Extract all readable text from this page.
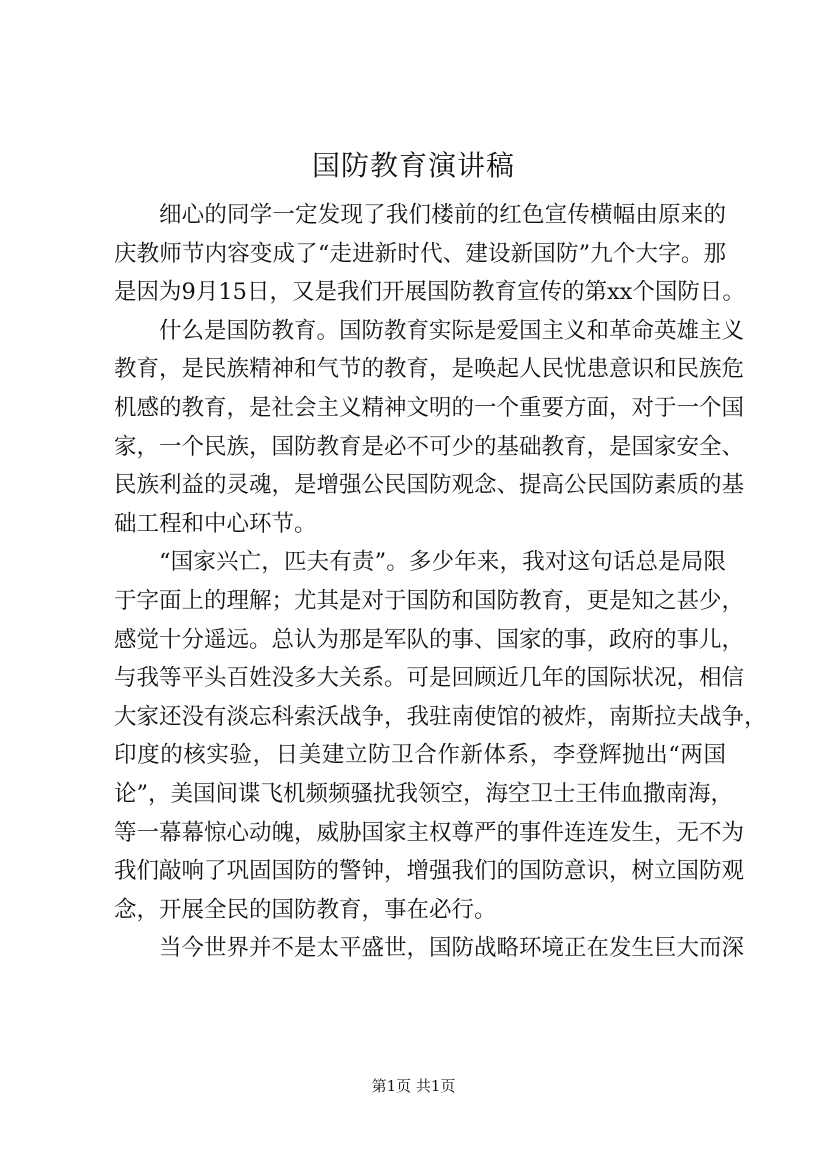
国防教育演讲稿
细心的同学一定发现了我们楼前的红色宣传横幅由原来的
庆教师节内容变成了“走进新时代、建设新国防”九个大字。那
是因为9月15日，又是我们开展国防教育宣传的第xx个国防日。
什么是国防教育。国防教育实际是爱国主义和革命英雄主义
教育，是民族精神和气节的教育，是唤起人民忧患意识和民族危
机感的教育，是社会主义精神文明的一个重要方面，对于一个国
家，一个民族，国防教育是必不可少的基础教育，是国家安全、
民族利益的灵魂，是增强公民国防观念、提高公民国防素质的基
础工程和中心环节。
“国家兴亡，匹夫有责”。多少年来，我对这句话总是局限
于字面上的理解；尤其是对于国防和国防教育，更是知之甚少，
感觉十分遥远。总认为那是军队的事、国家的事，政府的事儿，
与我等平头百姓没多大关系。可是回顾近几年的国际状况，相信
大家还没有淡忘科索沃战争，我驻南使馆的被炸，南斯拉夫战争，
印度的核实验，日美建立防卫合作新体系，李登辉抛出“两国
论”，美国间谍飞机频频骚扰我领空，海空卫士王伟血撒南海，
等一幕幕惊心动魄，威胁国家主权尊严的事件连连发生，无不为
我们敲响了巩固国防的警钟，增强我们的国防意识，树立国防观
念，开展全民的国防教育，事在必行。
当今世界并不是太平盛世，国防战略环境正在发生巨大而深
第1页 共1页
